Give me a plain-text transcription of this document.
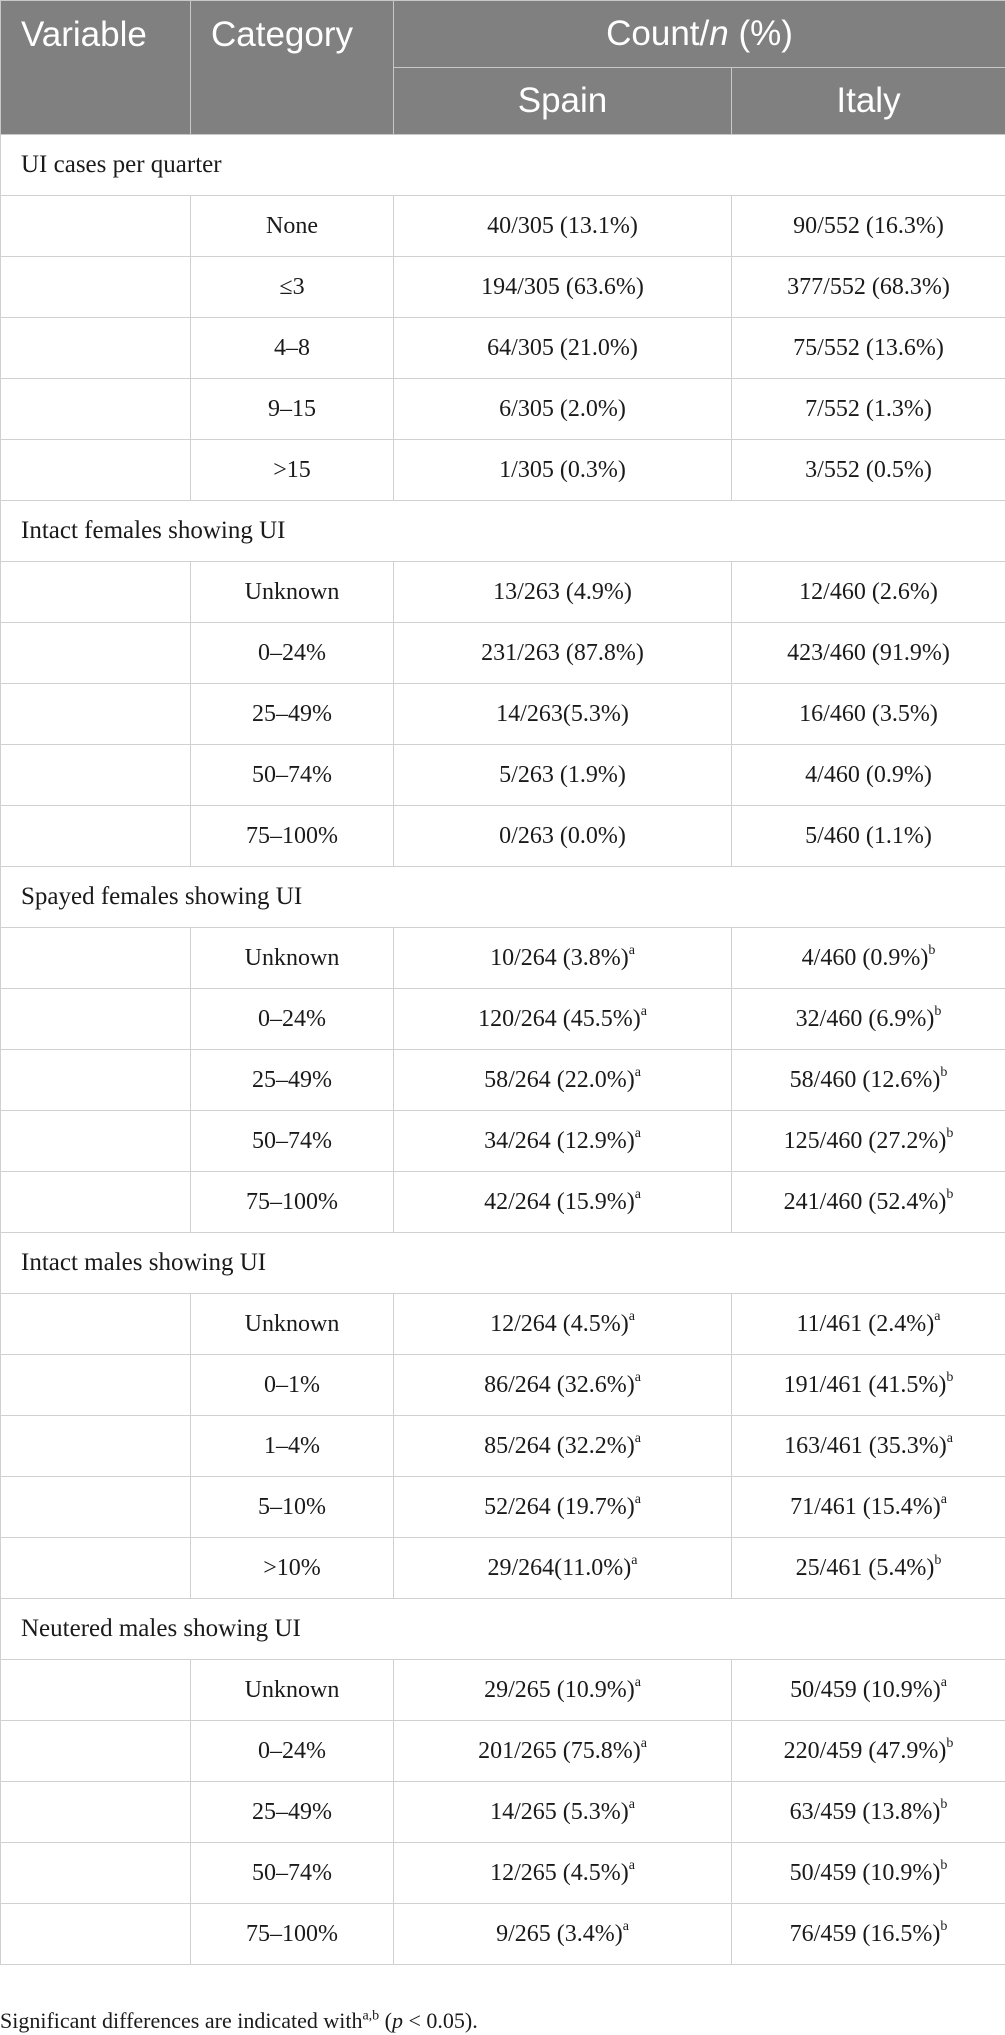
Variable	Category	Count/n (%)	
		Spain	Italy
UI cases per quarter			
	None	40/305 (13.1%)	90/552 (16.3%)
	≤3	194/305 (63.6%)	377/552 (68.3%)
	4–8	64/305 (21.0%)	75/552 (13.6%)
	9–15	6/305 (2.0%)	7/552 (1.3%)
	>15	1/305 (0.3%)	3/552 (0.5%)
Intact females showing UI			
	Unknown	13/263 (4.9%)	12/460 (2.6%)
	0–24%	231/263 (87.8%)	423/460 (91.9%)
	25–49%	14/263(5.3%)	16/460 (3.5%)
	50–74%	5/263 (1.9%)	4/460 (0.9%)
	75–100%	0/263 (0.0%)	5/460 (1.1%)
Spayed females showing UI			
	Unknown	10/264 $(3.8\%)^a$	4/460 $(0.9\%)^b$
	0–24%	120/264 $(45.5\%)^a$	32/460 $(6.9\%)^b$
	25–49%	58/264 $(22.0\%)^a$	58/460 $(12.6\%)^b$
	50–74%	34/264 $(12.9\%)^a$	125/460 $(27.2\%)^b$
	75–100%	42/264 $(15.9\%)^a$	241/460 $(52.4\%)^b$
Intact males showing UI			
	Unknown	12/264 $(4.5\%)^a$	11/461 $(2.4\%)^a$
	0–1%	86/264 $(32.6\%)^a$	191/461 $(41.5\%)^b$
	1–4%	85/264 $(32.2\%)^a$	163/461 $(35.3\%)^a$
	5–10%	52/264 $(19.7\%)^a$	71/461 $(15.4\%)^a$
	>10%	$29/264(11.0\%)^a$	25/461 $(5.4\%)^b$
Neutered males showing UI			
	Unknown	29/265 $(10.9\%)^a$	50/459 $(10.9\%)^a$
	0–24%	201/265 $(75.8\%)^a$	220/459 $(47.9\%)^b$
	25–49%	14/265 $(5.3\%)^a$	63/459 $(13.8\%)^b$
	50–74%	12/265 $(4.5\%)^a$	50/459 $(10.9\%)^b$
	75–100%	9/265 $(3.4\%)^a$	76/459 $(16.5\%)^b$
Significant differences are indicated with$^{a,b}$ (p < 0.05).
